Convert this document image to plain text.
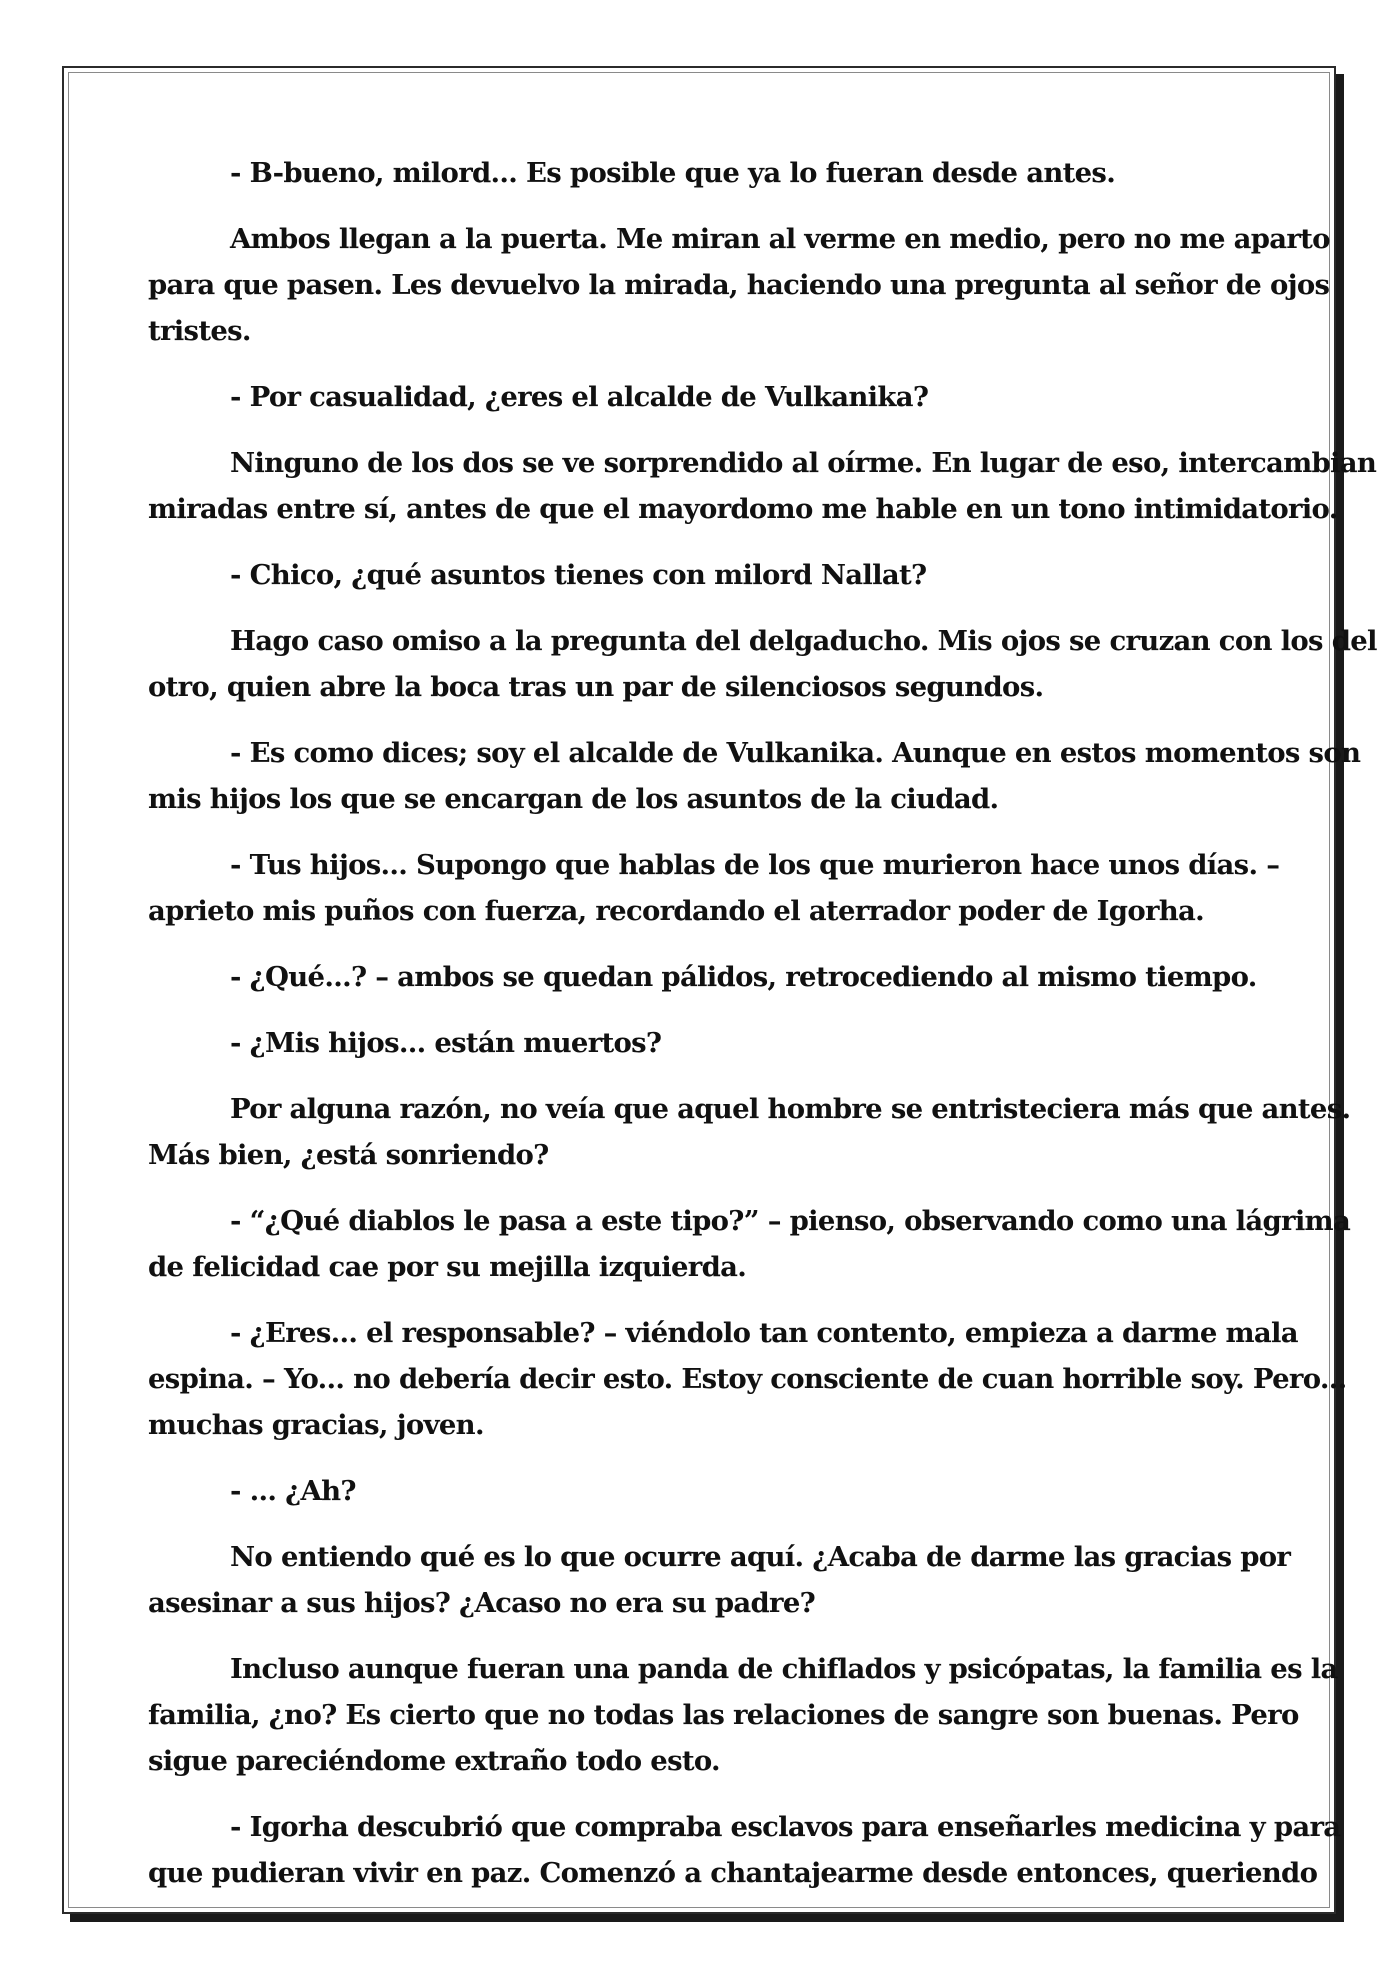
- B-bueno, milord... Es posible que ya lo fueran desde antes.

Ambos llegan a la puerta. Me miran al verme en medio, pero no me aparto para que pasen. Les devuelvo la mirada, haciendo una pregunta al señor de ojos tristes.

- Por casualidad, ¿eres el alcalde de Vulkanika?

Ninguno de los dos se ve sorprendido al oírme. En lugar de eso, intercambian miradas entre sí, antes de que el mayordomo me hable en un tono intimidatorio.

- Chico, ¿qué asuntos tienes con milord Nallat?

Hago caso omiso a la pregunta del delgaducho. Mis ojos se cruzan con los del otro, quien abre la boca tras un par de silenciosos segundos.

- Es como dices; soy el alcalde de Vulkanika. Aunque en estos momentos son mis hijos los que se encargan de los asuntos de la ciudad.

- Tus hijos... Supongo que hablas de los que murieron hace unos días. – aprieto mis puños con fuerza, recordando el aterrador poder de Igorha.

- ¿Qué...? – ambos se quedan pálidos, retrocediendo al mismo tiempo.

- ¿Mis hijos... están muertos?

Por alguna razón, no veía que aquel hombre se entristeciera más que antes. Más bien, ¿está sonriendo?

- “¿Qué diablos le pasa a este tipo?” – pienso, observando como una lágrima de felicidad cae por su mejilla izquierda.

- ¿Eres... el responsable? – viéndolo tan contento, empieza a darme mala espina. – Yo... no debería decir esto. Estoy consciente de cuan horrible soy. Pero... muchas gracias, joven.

- ... ¿Ah?

No entiendo qué es lo que ocurre aquí. ¿Acaba de darme las gracias por asesinar a sus hijos? ¿Acaso no era su padre?

Incluso aunque fueran una panda de chiflados y psicópatas, la familia es la familia, ¿no? Es cierto que no todas las relaciones de sangre son buenas. Pero sigue pareciéndome extraño todo esto.

- Igorha descubrió que compraba esclavos para enseñarles medicina y para que pudieran vivir en paz. Comenzó a chantajearme desde entonces, queriendo
